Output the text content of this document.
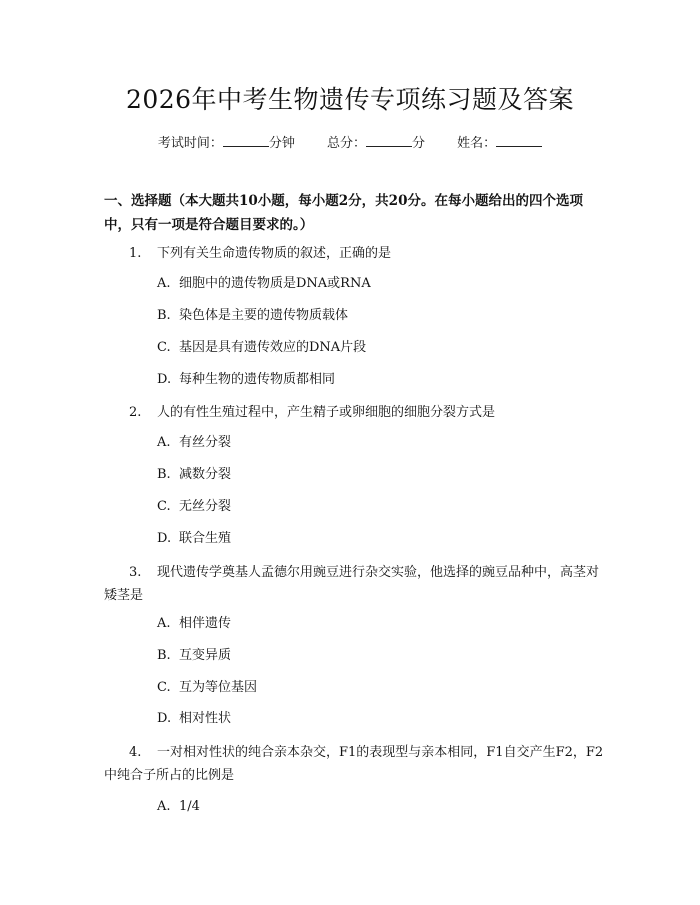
2026年中考生物遗传专项练习题及答案
考试时间：	分钟 总分：	分 姓名：

一、选择题（本大题共10小题，每小题2分，共20分。在每小题给出的四个选项中，只有一项是符合题目要求的。）

1. 下列有关生命遗传物质的叙述，正确的是
A. 细胞中的遗传物质是DNA或RNA
B. 染色体是主要的遗传物质载体
C. 基因是具有遗传效应的DNA片段
D. 每种生物的遗传物质都相同
2. 人的有性生殖过程中，产生精子或卵细胞的细胞分裂方式是
A. 有丝分裂
B. 减数分裂
C. 无丝分裂
D. 联合生殖
3. 现代遗传学奠基人孟德尔用豌豆进行杂交实验，他选择的豌豆品种中，高茎对矮茎是
A. 相伴遗传
B. 互变异质
C. 互为等位基因
D. 相对性状
4. 一对相对性状的纯合亲本杂交，F1的表现型与亲本相同，F1自交产生F2，F2中纯合子所占的比例是
A. 1/4
